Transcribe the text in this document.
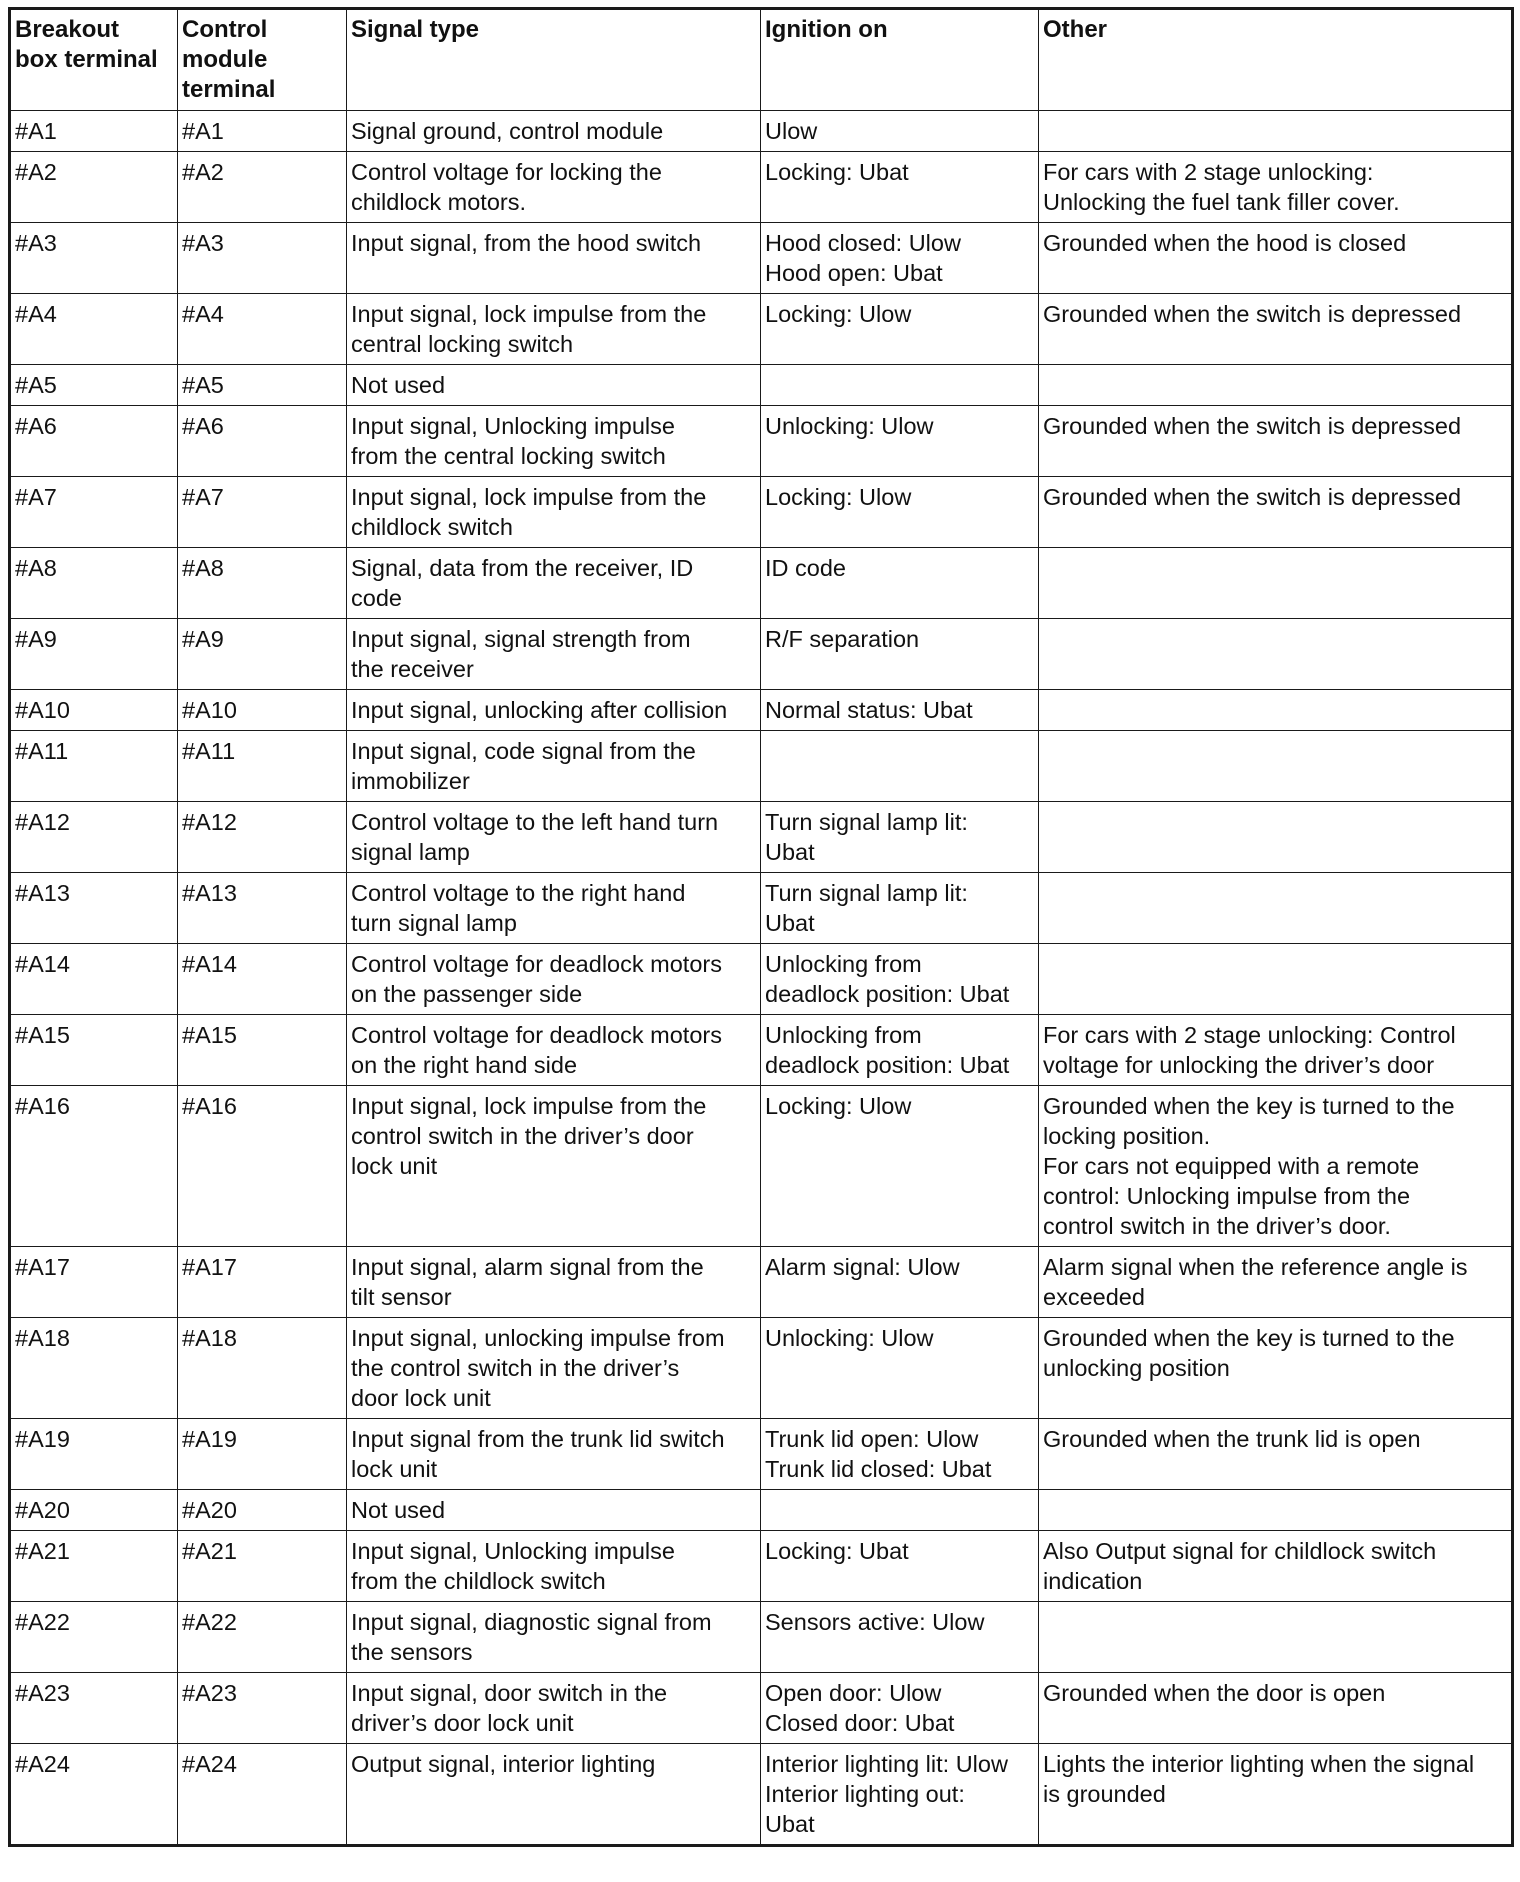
Breakout
box terminal	Control
module
terminal	Signal type	Ignition on	Other
#A1	#A1	Signal ground, control module	Ulow	
#A2	#A2	Control voltage for locking the
childlock motors.	Locking: Ubat	For cars with 2 stage unlocking:
Unlocking the fuel tank filler cover.
#A3	#A3	Input signal, from the hood switch	Hood closed: Ulow
Hood open: Ubat	Grounded when the hood is closed
#A4	#A4	Input signal, lock impulse from the
central locking switch	Locking: Ulow	Grounded when the switch is depressed
#A5	#A5	Not used		
#A6	#A6	Input signal, Unlocking impulse
from the central locking switch	Unlocking: Ulow	Grounded when the switch is depressed
#A7	#A7	Input signal, lock impulse from the
childlock switch	Locking: Ulow	Grounded when the switch is depressed
#A8	#A8	Signal, data from the receiver, ID
code	ID code	
#A9	#A9	Input signal, signal strength from
the receiver	R/F separation	
#A10	#A10	Input signal, unlocking after collision	Normal status: Ubat	
#A11	#A11	Input signal, code signal from the
immobilizer		
#A12	#A12	Control voltage to the left hand turn
signal lamp	Turn signal lamp lit:
Ubat	
#A13	#A13	Control voltage to the right hand
turn signal lamp	Turn signal lamp lit:
Ubat	
#A14	#A14	Control voltage for deadlock motors
on the passenger side	Unlocking from
deadlock position: Ubat	
#A15	#A15	Control voltage for deadlock motors
on the right hand side	Unlocking from
deadlock position: Ubat	For cars with 2 stage unlocking: Control
voltage for unlocking the driver’s door
#A16	#A16	Input signal, lock impulse from the
control switch in the driver’s door
lock unit	Locking: Ulow	Grounded when the key is turned to the
locking position.
For cars not equipped with a remote
control: Unlocking impulse from the
control switch in the driver’s door.
#A17	#A17	Input signal, alarm signal from the
tilt sensor	Alarm signal: Ulow	Alarm signal when the reference angle is
exceeded
#A18	#A18	Input signal, unlocking impulse from
the control switch in the driver’s
door lock unit	Unlocking: Ulow	Grounded when the key is turned to the
unlocking position
#A19	#A19	Input signal from the trunk lid switch
lock unit	Trunk lid open: Ulow
Trunk lid closed: Ubat	Grounded when the trunk lid is open
#A20	#A20	Not used		
#A21	#A21	Input signal, Unlocking impulse
from the childlock switch	Locking: Ubat	Also Output signal for childlock switch
indication
#A22	#A22	Input signal, diagnostic signal from
the sensors	Sensors active: Ulow	
#A23	#A23	Input signal, door switch in the
driver’s door lock unit	Open door: Ulow
Closed door: Ubat	Grounded when the door is open
#A24	#A24	Output signal, interior lighting	Interior lighting lit: Ulow
Interior lighting out:
Ubat	Lights the interior lighting when the signal
is grounded
